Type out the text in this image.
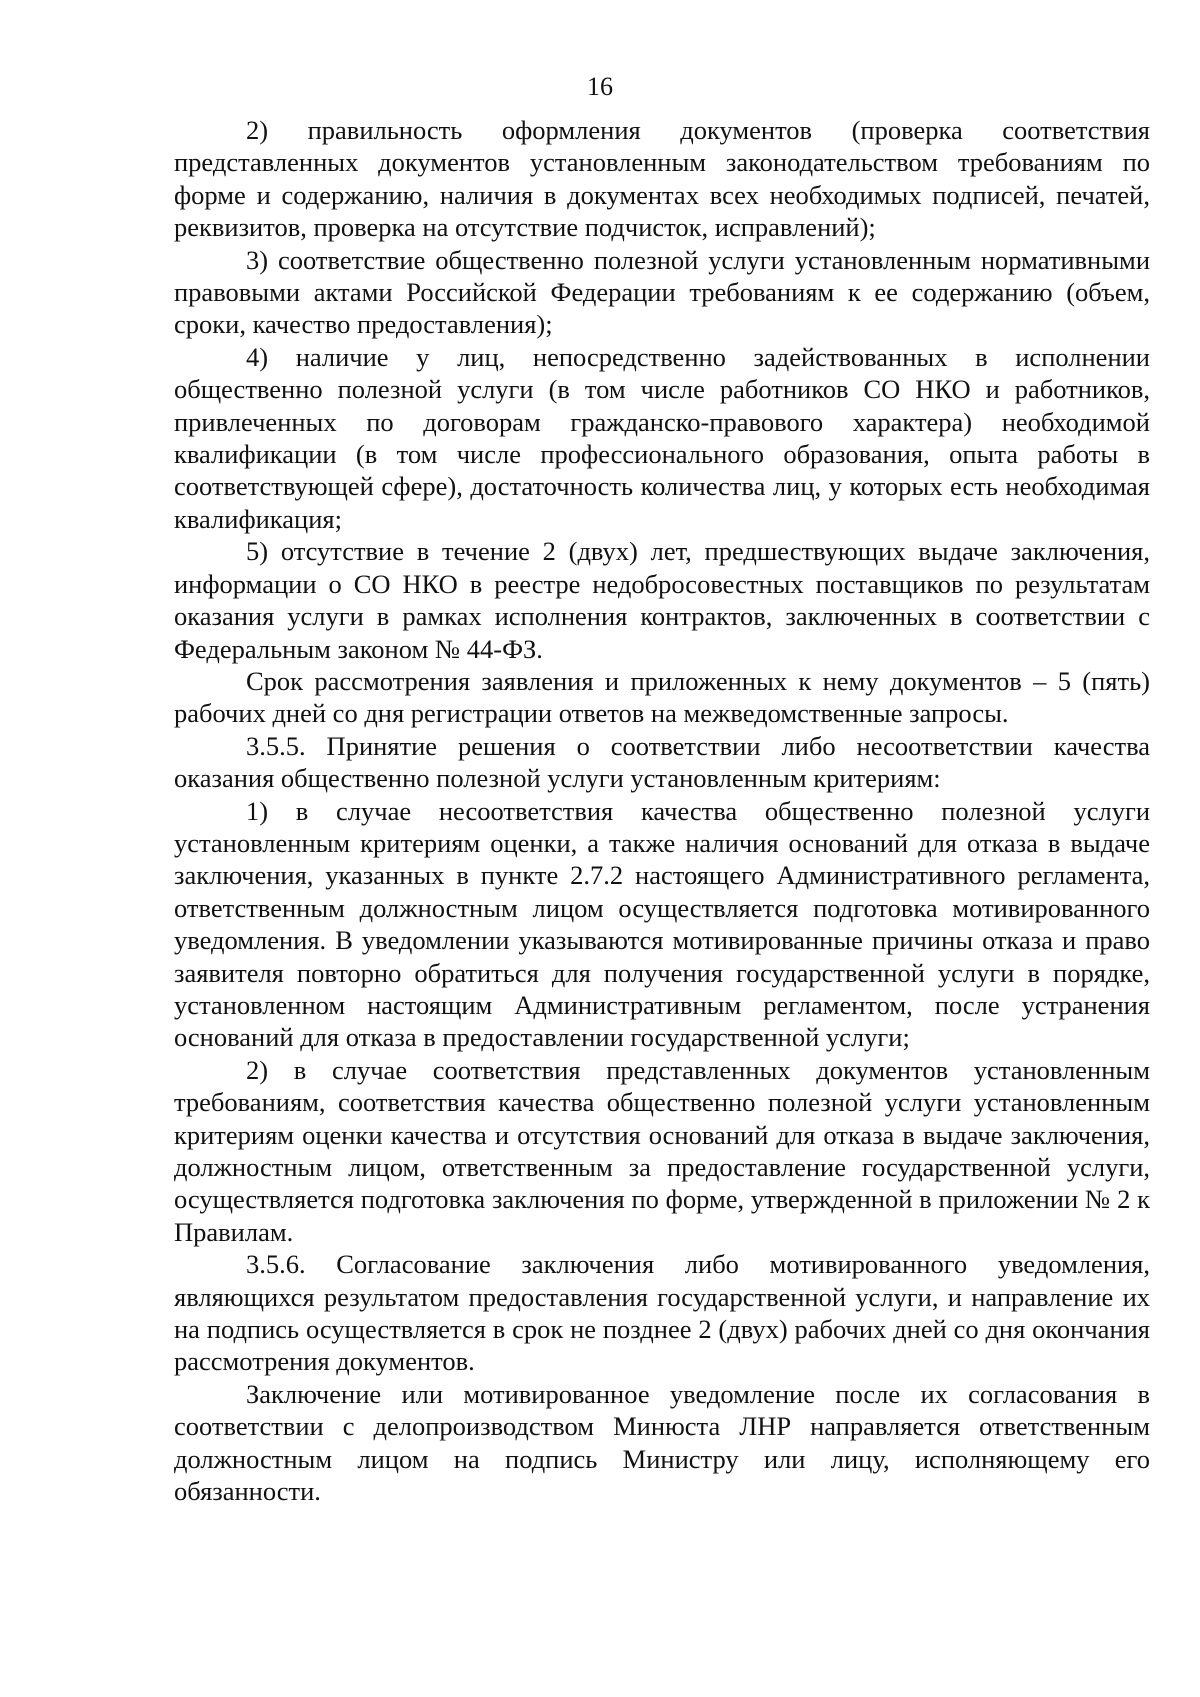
16

2) правильность оформления документов (проверка соответствия представленных документов установленным законодательством требованиям по форме и содержанию, наличия в документах всех необходимых подписей, печатей, реквизитов, проверка на отсутствие подчисток, исправлений);

3) соответствие общественно полезной услуги установленным нормативными правовыми актами Российской Федерации требованиям к ее содержанию (объем, сроки, качество предоставления);

4) наличие у лиц, непосредственно задействованных в исполнении общественно полезной услуги (в том числе работников СО НКО и работников, привлеченных по договорам гражданско-правового характера) необходимой квалификации (в том числе профессионального образования, опыта работы в соответствующей сфере), достаточность количества лиц, у которых есть необходимая квалификация;

5) отсутствие в течение 2 (двух) лет, предшествующих выдаче заключения, информации о СО НКО в реестре недобросовестных поставщиков по результатам оказания услуги в рамках исполнения контрактов, заключенных в соответствии с Федеральным законом № 44-ФЗ.

Срок рассмотрения заявления и приложенных к нему документов – 5 (пять) рабочих дней со дня регистрации ответов на межведомственные запросы.

3.5.5. Принятие решения о соответствии либо несоответствии качества оказания общественно полезной услуги установленным критериям:

1) в случае несоответствия качества общественно полезной услуги установленным критериям оценки, а также наличия оснований для отказа в выдаче заключения, указанных в пункте 2.7.2 настоящего Административного регламента, ответственным должностным лицом осуществляется подготовка мотивированного уведомления. В уведомлении указываются мотивированные причины отказа и право заявителя повторно обратиться для получения государственной услуги в порядке, установленном настоящим Административным регламентом, после устранения оснований для отказа в предоставлении государственной услуги;

2) в случае соответствия представленных документов установленным требованиям, соответствия качества общественно полезной услуги установленным критериям оценки качества и отсутствия оснований для отказа в выдаче заключения, должностным лицом, ответственным за предоставление государственной услуги, осуществляется подготовка заключения по форме, утвержденной в приложении № 2 к Правилам.

3.5.6. Согласование заключения либо мотивированного уведомления, являющихся результатом предоставления государственной услуги, и направление их на подпись осуществляется в срок не позднее 2 (двух) рабочих дней со дня окончания рассмотрения документов.

Заключение или мотивированное уведомление после их согласования в соответствии с делопроизводством Минюста ЛНР направляется ответственным должностным лицом на подпись Министру или лицу, исполняющему его обязанности.
